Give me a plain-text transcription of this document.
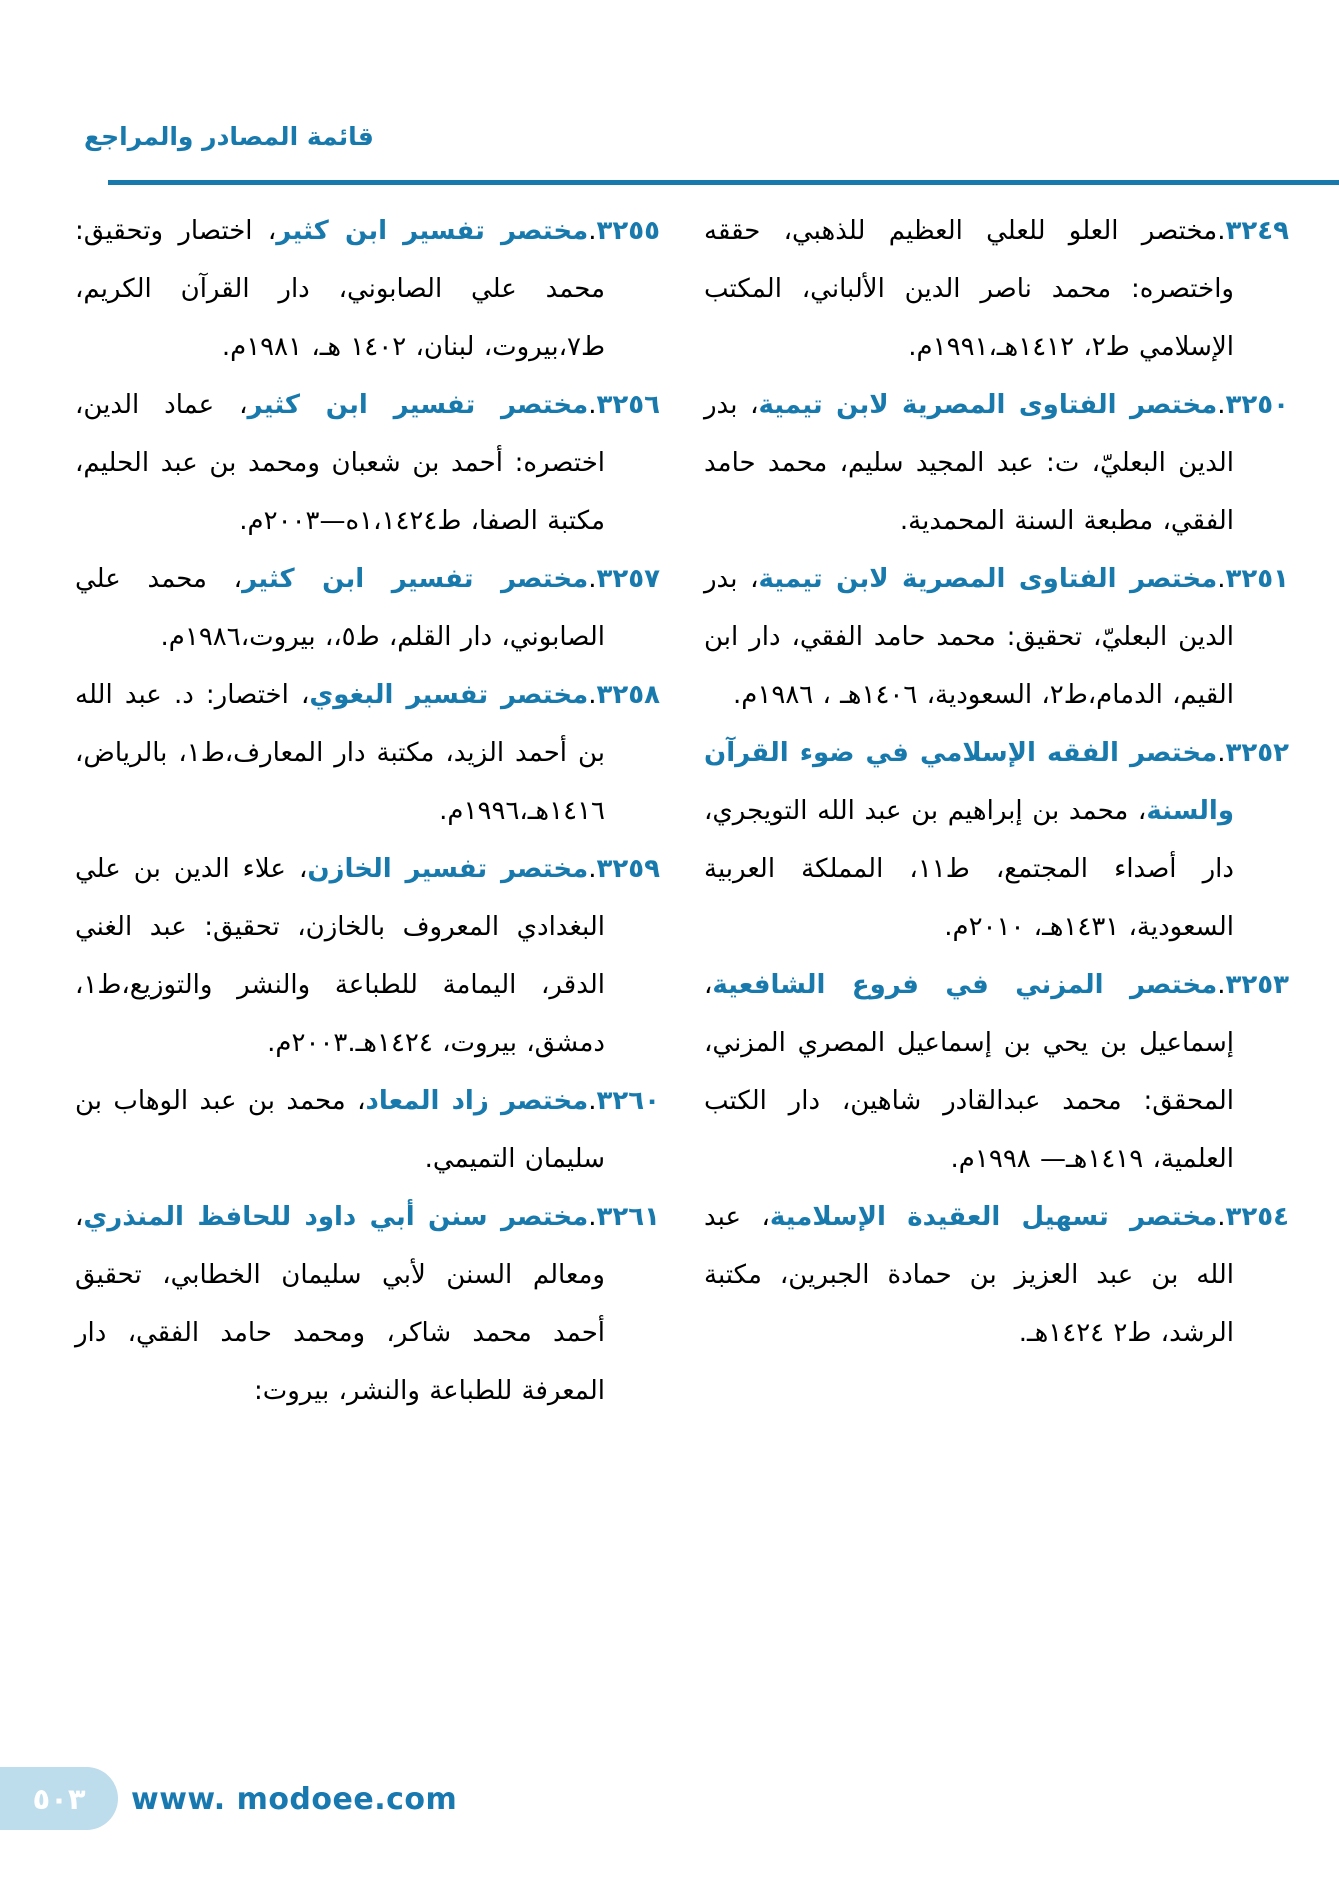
قائمة المصادر والمراجع

٣٢٤٩.مختصر العلو للعلي العظيم للذهبي، حققه واختصره: محمد ناصر الدين الألباني، المكتب الإسلامي ط٢، ١٤١٢هـ،١٩٩١م.

٣٢٥٠.مختصر الفتاوى المصرية لابن تيمية، بدر الدين البعليّ، ت: عبد المجيد سليم، محمد حامد الفقي، مطبعة السنة المحمدية.

٣٢٥١.مختصر الفتاوى المصرية لابن تيمية، بدر الدين البعليّ، تحقيق: محمد حامد الفقي، دار ابن القيم، الدمام،ط٢، السعودية، ١٤٠٦هـ ، ١٩٨٦م.

٣٢٥٢.مختصر الفقه الإسلامي في ضوء القرآن والسنة، محمد بن إبراهيم بن عبد الله التويجري، دار أصداء المجتمع، ط١١، المملكة العربية السعودية، ١٤٣١هـ، ٢٠١٠م.

٣٢٥٣.مختصر المزني في فروع الشافعية، إسماعيل بن يحي بن إسماعيل المصري المزني، المحقق: محمد عبدالقادر شاهين، دار الكتب العلمية، ١٤١٩هـ— ١٩٩٨م.

٣٢٥٤.مختصر تسهيل العقيدة الإسلامية، عبد الله بن عبد العزيز بن حمادة الجبرين، مكتبة الرشد، ط٢ ١٤٢٤هـ.

٣٢٥٥.مختصر تفسير ابن كثير، اختصار وتحقيق: محمد علي الصابوني، دار القرآن الكريم، ط٧،بيروت، لبنان، ١٤٠٢ هـ، ١٩٨١م.

٣٢٥٦.مختصر تفسير ابن كثير، عماد الدين، اختصره: أحمد بن شعبان ومحمد بن عبد الحليم، مكتبة الصفا، ط١،١٤٢٤ه—٢٠٠٣م.

٣٢٥٧.مختصر تفسير ابن كثير، محمد علي الصابوني، دار القلم، ط٥،، بيروت،١٩٨٦م.

٣٢٥٨.مختصر تفسير البغوي، اختصار: د. عبد الله بن أحمد الزيد، مكتبة دار المعارف،ط١، بالرياض، ١٤١٦هـ،١٩٩٦م.

٣٢٥٩.مختصر تفسير الخازن، علاء الدين بن علي البغدادي المعروف بالخازن، تحقيق: عبد الغني الدقر، اليمامة للطباعة والنشر والتوزيع،ط١، دمشق، بيروت، ١٤٢٤هـ.٢٠٠٣م.

٣٢٦٠.مختصر زاد المعاد، محمد بن عبد الوهاب بن سليمان التميمي.

٣٢٦١.مختصر سنن أبي داود للحافظ المنذري، ومعالم السنن لأبي سليمان الخطابي، تحقيق أحمد محمد شاكر، ومحمد حامد الفقي، دار المعرفة للطباعة والنشر، بيروت:

٥٠٣ www. modoee.com
